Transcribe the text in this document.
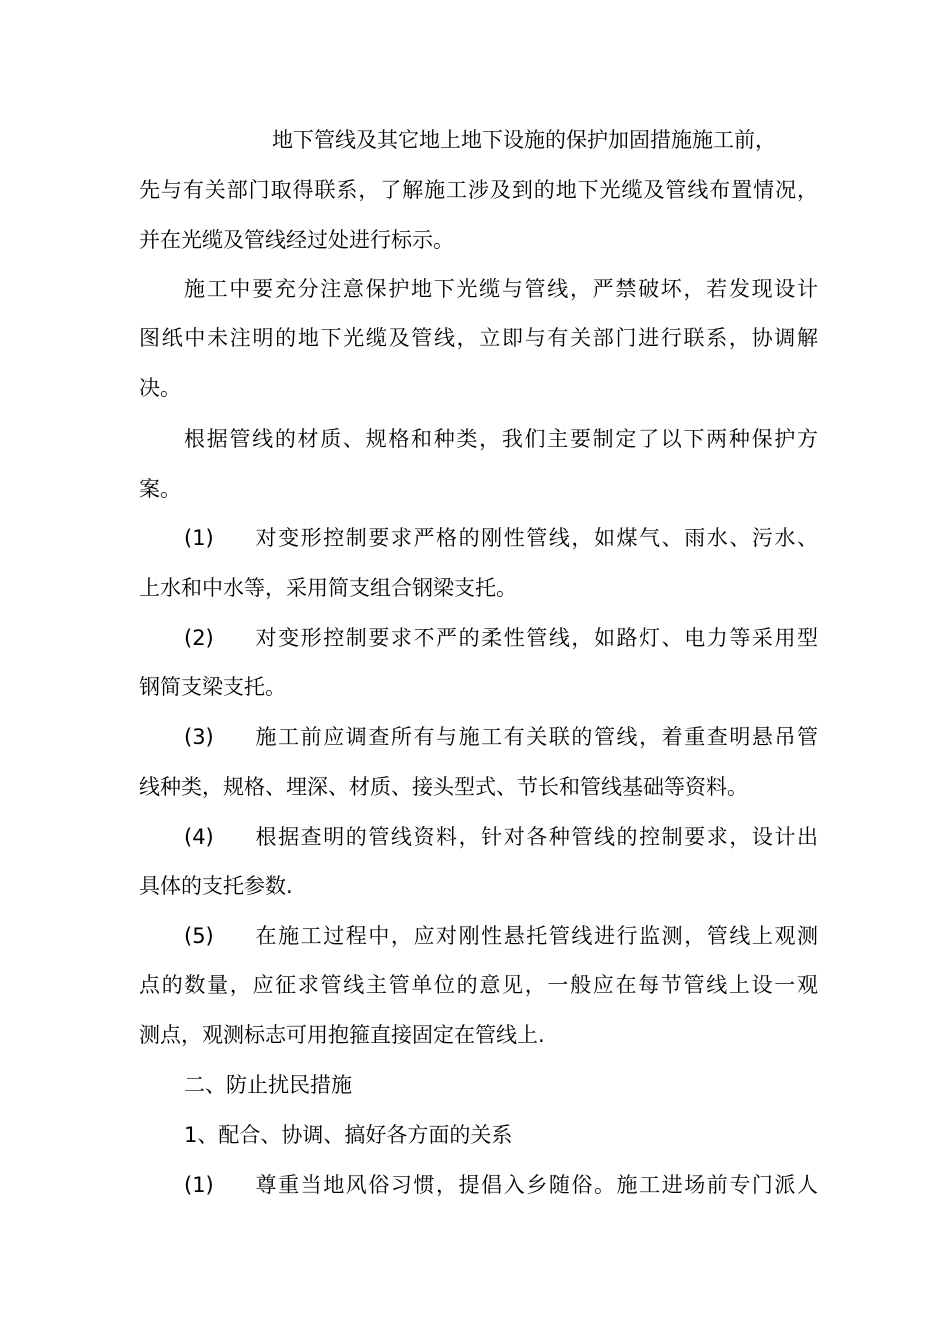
地下管线及其它地上地下设施的保护加固措施施工前，
先与有关部门取得联系，了解施工涉及到的地下光缆及管线布置情况，
并在光缆及管线经过处进行标示。
施工中要充分注意保护地下光缆与管线，严禁破坏，若发现设计
图纸中未注明的地下光缆及管线，立即与有关部门进行联系，协调解
决。
根据管线的材质、规格和种类，我们主要制定了以下两种保护方
案。
(1) 对变形控制要求严格的刚性管线，如煤气、雨水、污水、
上水和中水等，采用简支组合钢梁支托。
(2) 对变形控制要求不严的柔性管线，如路灯、电力等采用型
钢简支梁支托。
(3) 施工前应调查所有与施工有关联的管线，着重查明悬吊管
线种类，规格、埋深、材质、接头型式、节长和管线基础等资料。
(4) 根据查明的管线资料，针对各种管线的控制要求，设计出
具体的支托参数.
(5) 在施工过程中，应对刚性悬托管线进行监测，管线上观测
点的数量，应征求管线主管单位的意见，一般应在每节管线上设一观
测点，观测标志可用抱箍直接固定在管线上.
二、防止扰民措施
1、配合、协调、搞好各方面的关系
(1) 尊重当地风俗习惯，提倡入乡随俗。施工进场前专门派人
